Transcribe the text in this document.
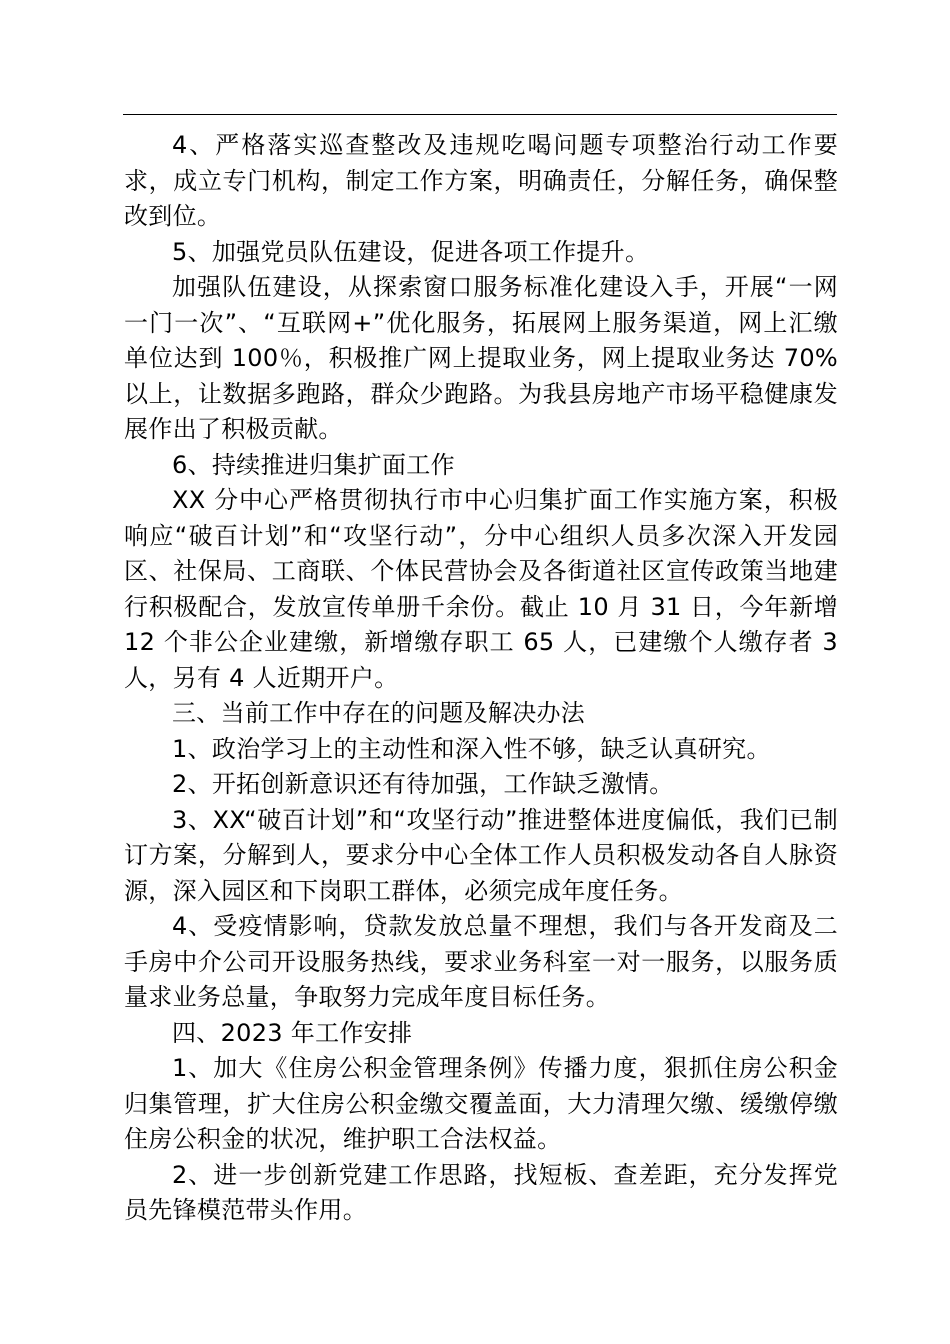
4、严格落实巡查整改及违规吃喝问题专项整治行动工作要求，成立专门机构，制定工作方案，明确责任，分解任务，确保整改到位。

5、加强党员队伍建设，促进各项工作提升。

加强队伍建设，从探索窗口服务标准化建设入手，开展“一网一门一次”、“互联网+”优化服务，拓展网上服务渠道，网上汇缴单位达到 100％，积极推广网上提取业务，网上提取业务达 70%以上，让数据多跑路，群众少跑路。为我县房地产市场平稳健康发展作出了积极贡献。

6、持续推进归集扩面工作

XX 分中心严格贯彻执行市中心归集扩面工作实施方案，积极响应“破百计划”和“攻坚行动”，分中心组织人员多次深入开发园区、社保局、工商联、个体民营协会及各街道社区宣传政策当地建行积极配合，发放宣传单册千余份。截止 10 月 31 日，今年新增 12 个非公企业建缴，新增缴存职工 65 人，已建缴个人缴存者 3 人，另有 4 人近期开户。

三、当前工作中存在的问题及解决办法

1、政治学习上的主动性和深入性不够，缺乏认真研究。

2、开拓创新意识还有待加强，工作缺乏激情。

3、XX“破百计划”和“攻坚行动”推进整体进度偏低，我们已制订方案，分解到人，要求分中心全体工作人员积极发动各自人脉资源，深入园区和下岗职工群体，必须完成年度任务。

4、受疫情影响，贷款发放总量不理想，我们与各开发商及二手房中介公司开设服务热线，要求业务科室一对一服务，以服务质量求业务总量，争取努力完成年度目标任务。

四、2023 年工作安排

1、加大《住房公积金管理条例》传播力度，狠抓住房公积金归集管理，扩大住房公积金缴交覆盖面，大力清理欠缴、缓缴停缴住房公积金的状况，维护职工合法权益。

2、进一步创新党建工作思路，找短板、查差距，充分发挥党员先锋模范带头作用。
